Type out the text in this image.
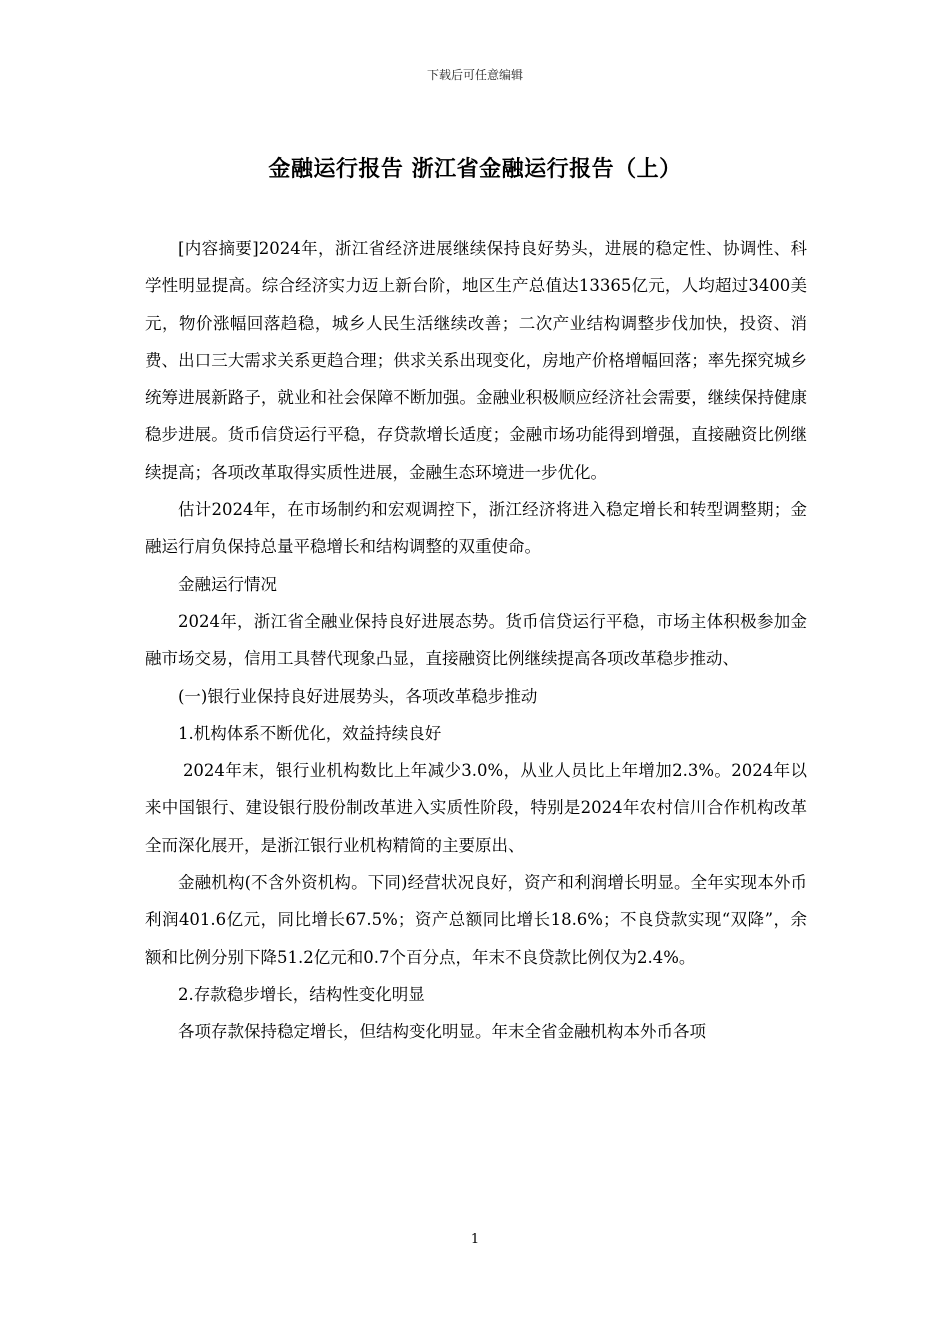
下载后可任意编辑
金融运行报告 浙江省金融运行报告（上）

[内容摘要]2024年，浙江省经济进展继续保持良好势头，进展的稳定性、协调性、科学性明显提高。综合经济实力迈上新台阶，地区生产总值达13365亿元，人均超过3400美元，物价涨幅回落趋稳，城乡人民生活继续改善；二次产业结构调整步伐加快，投资、消费、出口三大需求关系更趋合理；供求关系出现变化，房地产价格增幅回落；率先探究城乡统筹进展新路子，就业和社会保障不断加强。金融业积极顺应经济社会需要，继续保持健康稳步进展。货币信贷运行平稳，存贷款增长适度；金融市场功能得到增强，直接融资比例继续提高；各项改革取得实质性进展，金融生态环境进一步优化。

估计2024年，在市场制约和宏观调控下，浙江经济将进入稳定增长和转型调整期；金融运行肩负保持总量平稳增长和结构调整的双重使命。

金融运行情况

2024年，浙江省全融业保持良好进展态势。货币信贷运行平稳，市场主体积极参加金融市场交易，信用工具替代现象凸显，直接融资比例继续提高各项改革稳步推动、

(一)银行业保持良好进展势头，各项改革稳步推动

1.机构体系不断优化，效益持续良好

2024年末，银行业机构数比上年减少3.0%，从业人员比上年增加2.3%。2024年以来中国银行、建设银行股份制改革进入实质性阶段，特别是2024年农村信川合作机构改革全而深化展开，是浙江银行业机构精简的主要原出、

金融机构(不含外资机构。下同)经营状况良好，资产和利润增长明显。全年实现本外币利润401.6亿元，同比增长67.5%；资产总额同比增长18.6%；不良贷款实现“双降”，余额和比例分别下降51.2亿元和0.7个百分点，年末不良贷款比例仅为2.4%。

2.存款稳步增长，结构性变化明显

各项存款保持稳定增长，但结构变化明显。年末全省金融机构本外币各项

1
